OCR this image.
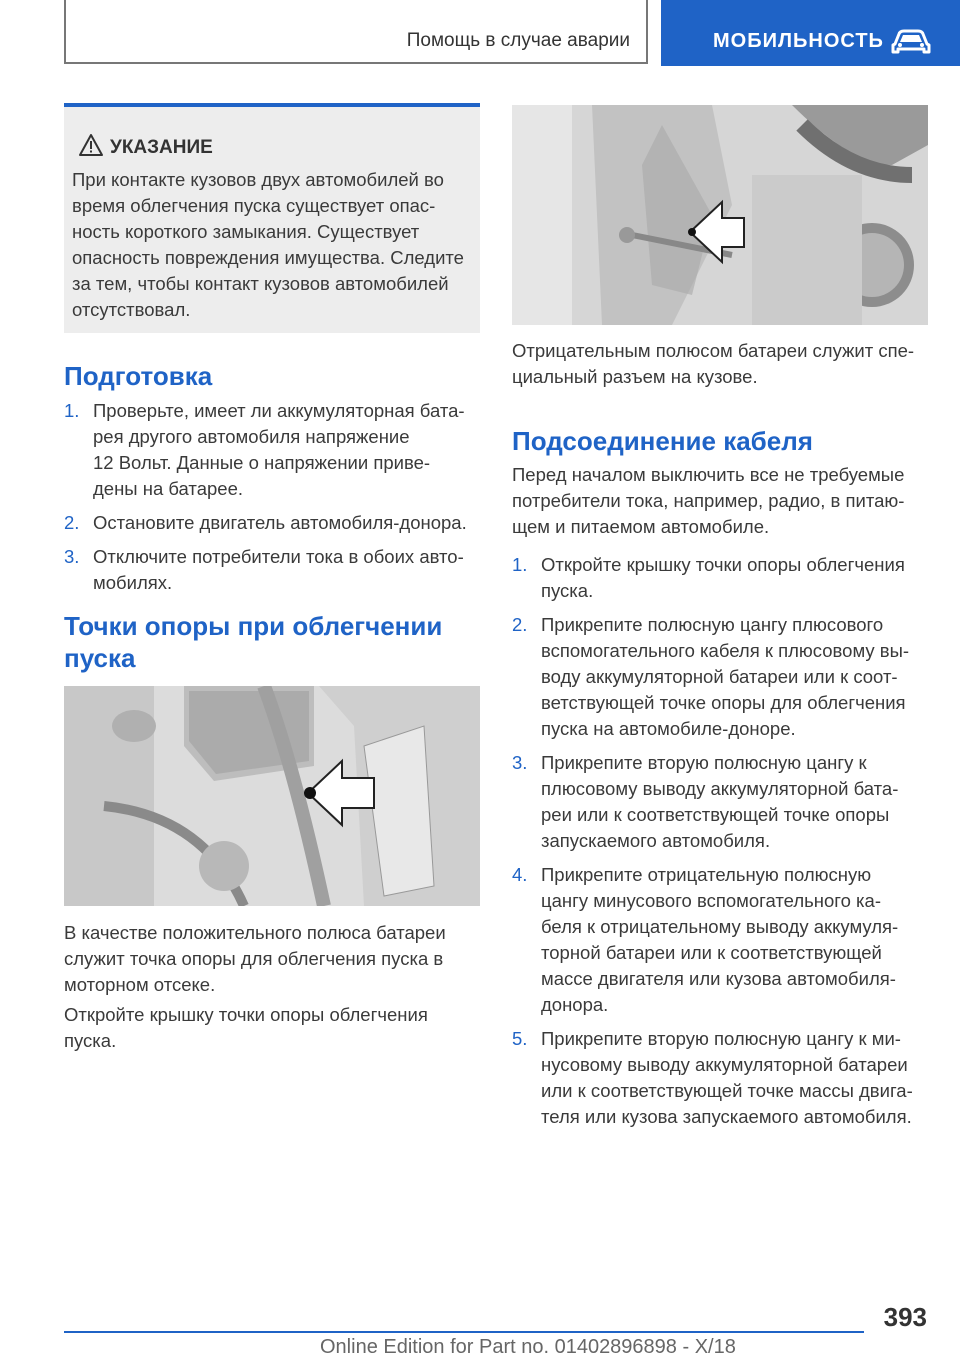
Помощь в случае аварии	МОБИЛЬНОСТЬ
УКАЗАНИЕ
При контакте кузовов двух автомобилей во
время облегчения пуска существует опас-
ность короткого замыкания. Существует
опасность повреждения имущества. Следите
за тем, чтобы контакт кузовов автомобилей
отсутствовал.
Подготовка
1. Проверьте, имеет ли аккумуляторная бата-
рея другого автомобиля напряжение
12 Вольт. Данные о напряжении приве-
дены на батарее.
2. Остановите двигатель автомобиля-донора.
3. Отключите потребители тока в обоих авто-
мобилях.
Точки опоры при облегчении
пуска

В качестве положительного полюса батареи
служит точка опоры для облегчения пуска в
моторном отсеке.

Откройте крышку точки опоры облегчения
пуска.

Отрицательным полюсом батареи служит спе-
циальный разъем на кузове.

Подсоединение кабеля

Перед началом выключить все не требуемые
потребители тока, например, радио, в питаю-
щем и питаемом автомобиле.

1. Откройте крышку точки опоры облегчения
пуска.
2. Прикрепите полюсную цангу плюсового
вспомогательного кабеля к плюсовому вы-
воду аккумуляторной батареи или к соот-
ветствующей точке опоры для облегчения
пуска на автомобиле-доноре.
3. Прикрепите вторую полюсную цангу к
плюсовому выводу аккумуляторной бата-
реи или к соответствующей точке опоры
запускаемого автомобиля.
4. Прикрепите отрицательную полюсную
цангу минусового вспомогательного ка-
беля к отрицательному выводу аккумуля-
торной батареи или к соответствующей
массе двигателя или кузова автомобиля-
донора.
5. Прикрепите вторую полюсную цангу к ми-
нусовому выводу аккумуляторной батареи
или к соответствующей точке массы двига-
теля или кузова запускаемого автомобиля.
393
Online Edition for Part no. 01402896898 - X/18
